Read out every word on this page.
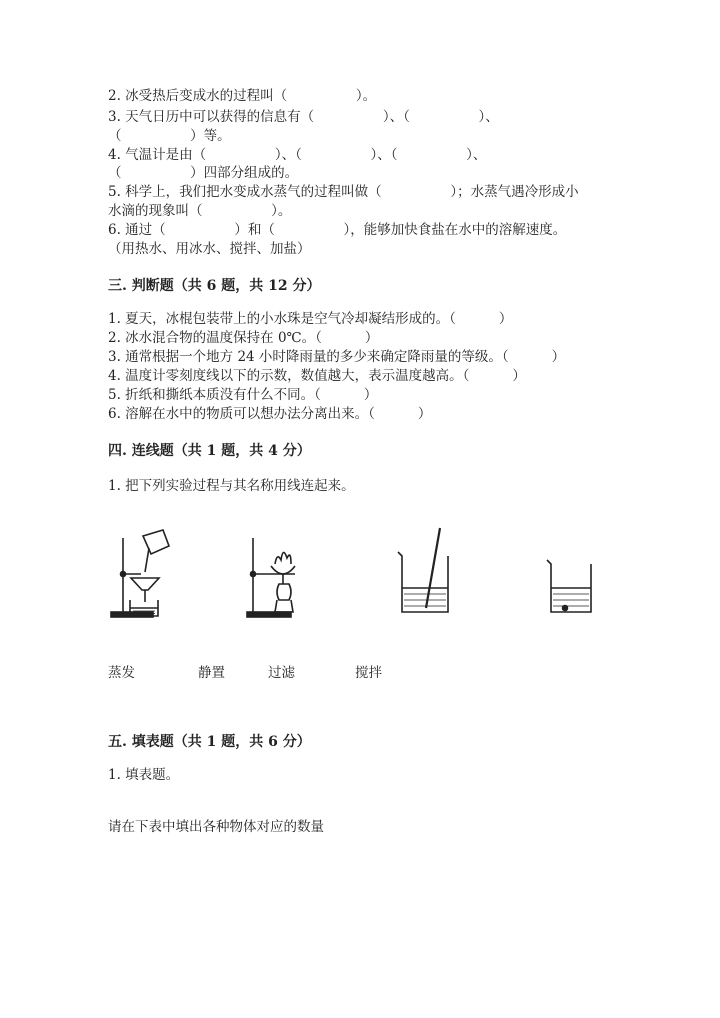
2. 冰受热后变成水的过程叫（                ）。
3. 天气日历中可以获得的信息有（                ）、（                ）、
（                ）等。
4. 气温计是由（                ）、（                ）、（                ）、
（                ）四部分组成的。
5. 科学上，我们把水变成水蒸气的过程叫做（                ）；水蒸气遇冷形成小
水滴的现象叫（                ）。
6. 通过（                ）和（                ），能够加快食盐在水中的溶解速度。
（用热水、用冰水、搅拌、加盐）
三. 判断题（共 6 题，共 12 分）
1. 夏天，冰棍包装带上的小水珠是空气冷却凝结形成的。（          ）
2. 冰水混合物的温度保持在 0℃。（          ）
3. 通常根据一个地方 24 小时降雨量的多少来确定降雨量的等级。（          ）
4. 温度计零刻度线以下的示数，数值越大，表示温度越高。（          ）
5. 折纸和撕纸本质没有什么不同。（          ）
6. 溶解在水中的物质可以想办法分离出来。（          ）
四. 连线题（共 1 题，共 4 分）
1. 把下列实验过程与其名称用线连起来。
蒸发	静置	过滤	搅拌
五. 填表题（共 1 题，共 6 分）
1. 填表题。
请在下表中填出各种物体对应的数量
